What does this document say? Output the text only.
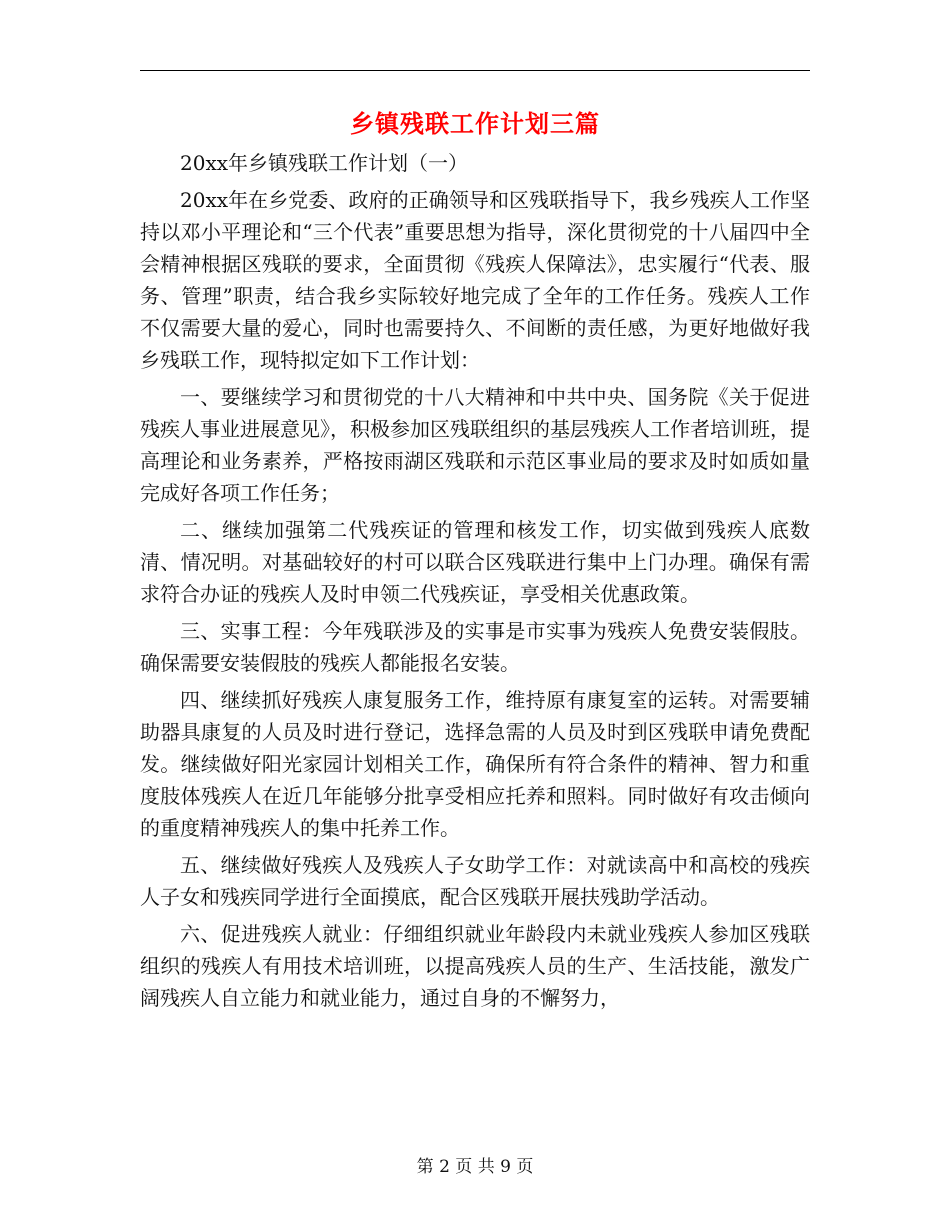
乡镇残联工作计划三篇

20xx年乡镇残联工作计划（一）

20xx年在乡党委、政府的正确领导和区残联指导下，我乡残疾人工作坚持以邓小平理论和“三个代表”重要思想为指导，深化贯彻党的十八届四中全会精神根据区残联的要求，全面贯彻《残疾人保障法》，忠实履行“代表、服务、管理”职责，结合我乡实际较好地完成了全年的工作任务。残疾人工作不仅需要大量的爱心，同时也需要持久、不间断的责任感，为更好地做好我乡残联工作，现特拟定如下工作计划：

一、要继续学习和贯彻党的十八大精神和中共中央、国务院《关于促进残疾人事业进展意见》，积极参加区残联组织的基层残疾人工作者培训班，提高理论和业务素养，严格按雨湖区残联和示范区事业局的要求及时如质如量完成好各项工作任务；

二、继续加强第二代残疾证的管理和核发工作，切实做到残疾人底数清、情况明。对基础较好的村可以联合区残联进行集中上门办理。确保有需求符合办证的残疾人及时申领二代残疾证，享受相关优惠政策。

三、实事工程：今年残联涉及的实事是市实事为残疾人免费安装假肢。确保需要安装假肢的残疾人都能报名安装。

四、继续抓好残疾人康复服务工作，维持原有康复室的运转。对需要辅助器具康复的人员及时进行登记，选择急需的人员及时到区残联申请免费配发。继续做好阳光家园计划相关工作，确保所有符合条件的精神、智力和重度肢体残疾人在近几年能够分批享受相应托养和照料。同时做好有攻击倾向的重度精神残疾人的集中托养工作。

五、继续做好残疾人及残疾人子女助学工作：对就读高中和高校的残疾人子女和残疾同学进行全面摸底，配合区残联开展扶残助学活动。

六、促进残疾人就业：仔细组织就业年龄段内未就业残疾人参加区残联组织的残疾人有用技术培训班，以提高残疾人员的生产、生活技能，激发广阔残疾人自立能力和就业能力，通过自身的不懈努力，

第 2 页 共 9 页
